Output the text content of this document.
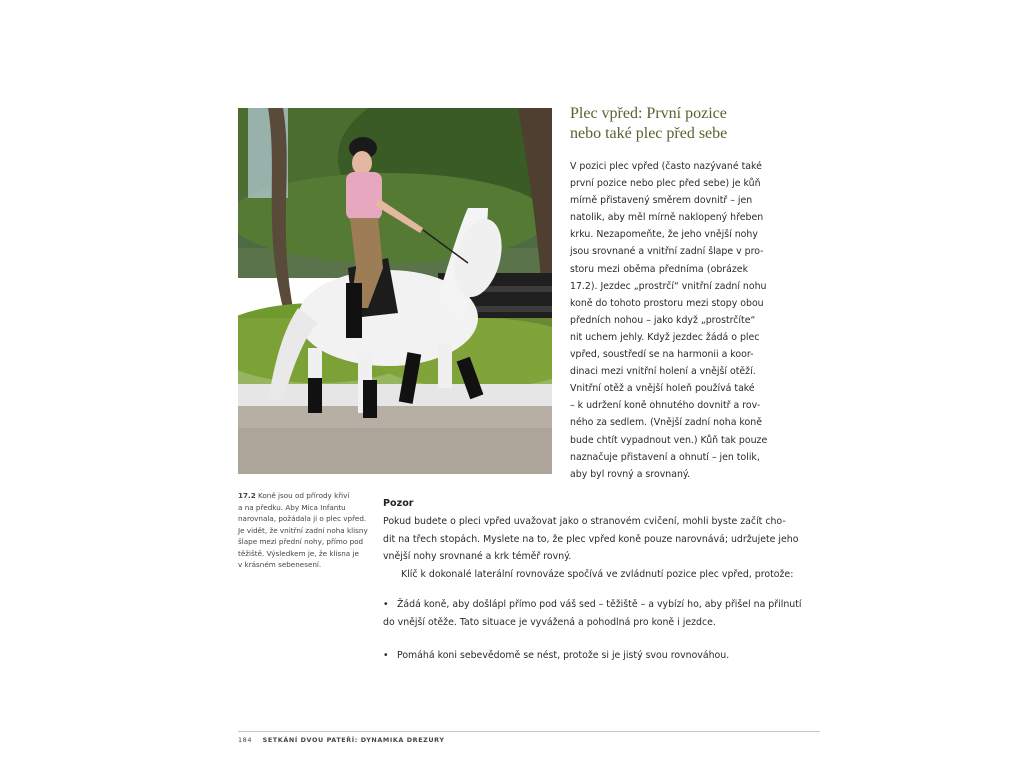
Plec vpřed: První pozice
nebo také plec před sebe
V pozici plec vpřed (často nazývané také
první pozice nebo plec před sebe) je kůň
mírně přistavený směrem dovnitř – jen
natolik, aby měl mírně naklopený hřeben
krku. Nezapomeňte, že jeho vnější nohy
jsou srovnané a vnitřní zadní šlape v pro-
storu mezi oběma předníma (obrázek
17.2). Jezdec „prostrčí“ vnitřní zadní nohu
koně do tohoto prostoru mezi stopy obou
předních nohou – jako když „prostrčíte“
nit uchem jehly. Když jezdec žádá o plec
vpřed, soustředí se na harmonii a koor-
dinaci mezi vnitřní holení a vnější otěží.
Vnitřní otěž a vnější holeň používá také
– k udržení koně ohnutého dovnitř a rov-
ného za sedlem. (Vnější zadní noha koně
bude chtít vypadnout ven.) Kůň tak pouze
naznačuje přistavení a ohnutí – jen tolik,
aby byl rovný a srovnaný.
17.2 Koně jsou od přírody křiví
a na předku. Aby Mica Infantu
narovnala, požádala ji o plec vpřed.
Je vidět, že vnitřní zadní noha klisny
šlape mezi přední nohy, přímo pod
těžiště. Výsledkem je, že klisna je
v krásném sebenesení.
Pozor
Pokud budete o pleci vpřed uvažovat jako o stranovém cvičení, mohli byste začít cho-
dit na třech stopách. Myslete na to, že plec vpřed koně pouze narovnává; udržujete jeho
vnější nohy srovnané a krk téměř rovný.
Klíč k dokonalé laterální rovnováze spočívá ve zvládnutí pozice plec vpřed, protože:
• Žádá koně, aby došlápl přímo pod váš sed – těžiště – a vybízí ho, aby přišel na přilnutí
do vnější otěže. Tato situace je vyvážená a pohodlná pro koně i jezdce.
• Pomáhá koni sebevědomě se nést, protože si je jistý svou rovnováhou.
184 SETKÁNÍ DVOU PATEŘÍ: DYNAMIKA DREZURY
